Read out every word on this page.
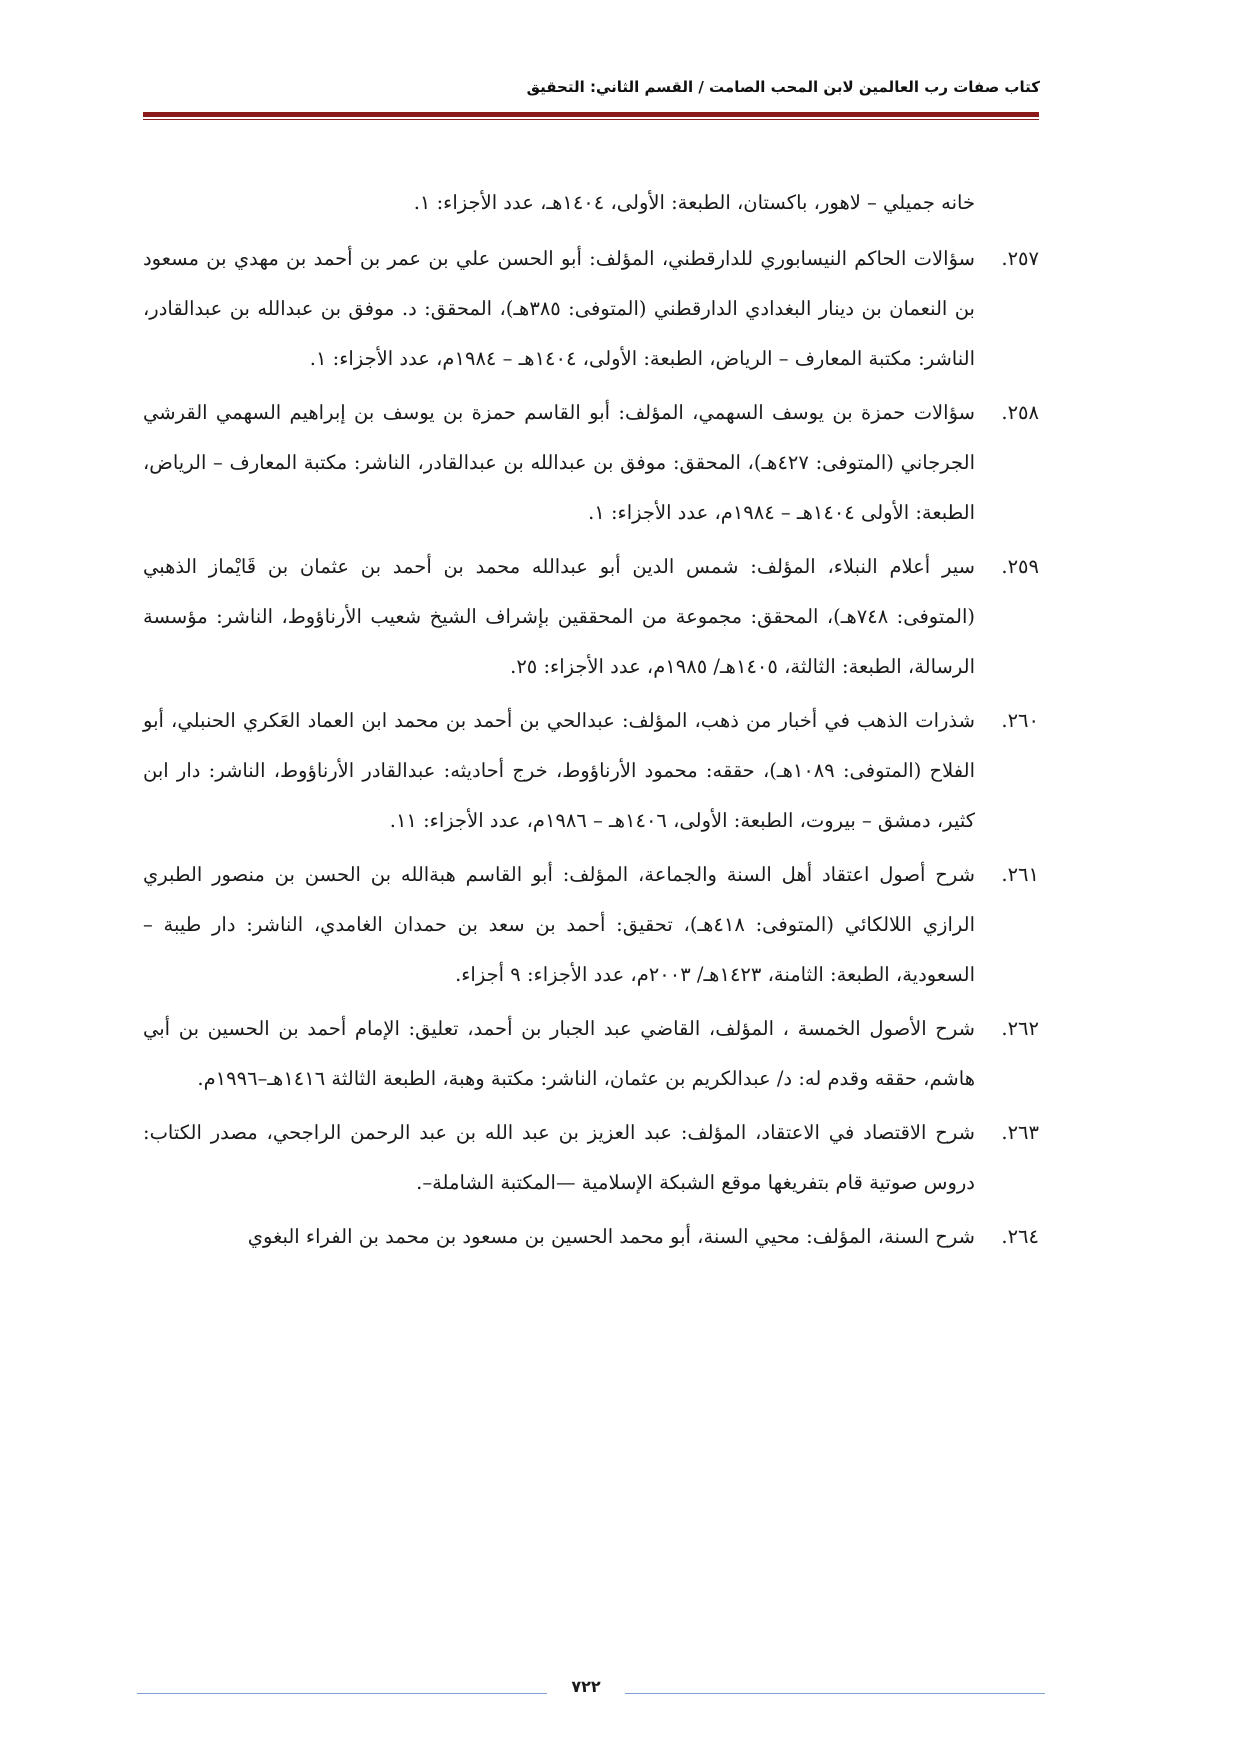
كتاب صفات رب العالمين لابن المحب الصامت / القسم الثاني: التحقيق
خانه جميلي – لاهور، باكستان، الطبعة: الأولى، ١٤٠٤هـ، عدد الأجزاء: ١.
٢٥٧.
سؤالات الحاكم النيسابوري للدارقطني، المؤلف: أبو الحسن علي بن عمر بن أحمد بن مهدي بن مسعود بن النعمان بن دينار البغدادي الدارقطني (المتوفى: ٣٨٥هـ)، المحقق: د. موفق بن عبدالله بن عبدالقادر، الناشر: مكتبة المعارف – الرياض، الطبعة: الأولى، ١٤٠٤هـ – ١٩٨٤م، عدد الأجزاء: ١.
٢٥٨.
سؤالات حمزة بن يوسف السهمي، المؤلف: أبو القاسم حمزة بن يوسف بن إبراهيم السهمي القرشي الجرجاني (المتوفى: ٤٢٧هـ)، المحقق: موفق بن عبدالله بن عبدالقادر، الناشر: مكتبة المعارف – الرياض، الطبعة: الأولى ١٤٠٤هـ – ١٩٨٤م، عدد الأجزاء: ١.
٢٥٩.
سير أعلام النبلاء، المؤلف: شمس الدين أبو عبدالله محمد بن أحمد بن عثمان بن قَايْماز الذهبي (المتوفى: ٧٤٨هـ)، المحقق: مجموعة من المحققين بإشراف الشيخ شعيب الأرناؤوط، الناشر: مؤسسة الرسالة، الطبعة: الثالثة، ١٤٠٥هـ/ ١٩٨٥م، عدد الأجزاء: ٢٥.
٢٦٠.
شذرات الذهب في أخبار من ذهب، المؤلف: عبدالحي بن أحمد بن محمد ابن العماد العَكري الحنبلي، أبو الفلاح (المتوفى: ١٠٨٩هـ)، حققه: محمود الأرناؤوط، خرج أحاديثه: عبدالقادر الأرناؤوط، الناشر: دار ابن كثير، دمشق – بيروت، الطبعة: الأولى، ١٤٠٦هـ – ١٩٨٦م، عدد الأجزاء: ١١.
٢٦١.
شرح أصول اعتقاد أهل السنة والجماعة، المؤلف: أبو القاسم هبةالله بن الحسن بن منصور الطبري الرازي اللالكائي (المتوفى: ٤١٨هـ)، تحقيق: أحمد بن سعد بن حمدان الغامدي، الناشر: دار طيبة – السعودية، الطبعة: الثامنة، ١٤٢٣هـ/ ٢٠٠٣م، عدد الأجزاء: ٩ أجزاء.
٢٦٢.
شرح الأصول الخمسة ، المؤلف، القاضي عبد الجبار بن أحمد، تعليق: الإمام أحمد بن الحسين بن أبي هاشم، حققه وقدم له: د/ عبدالكريم بن عثمان، الناشر: مكتبة وهبة، الطبعة الثالثة ١٤١٦هـ–١٩٩٦م.
٢٦٣.
شرح الاقتصاد في الاعتقاد، المؤلف: عبد العزيز بن عبد الله بن عبد الرحمن الراجحي، مصدر الكتاب: دروس صوتية قام بتفريغها موقع الشبكة الإسلامية —المكتبة الشاملة–.
٢٦٤.
شرح السنة، المؤلف: محيي السنة، أبو محمد الحسين بن مسعود بن محمد بن الفراء البغوي
٧٢٢
